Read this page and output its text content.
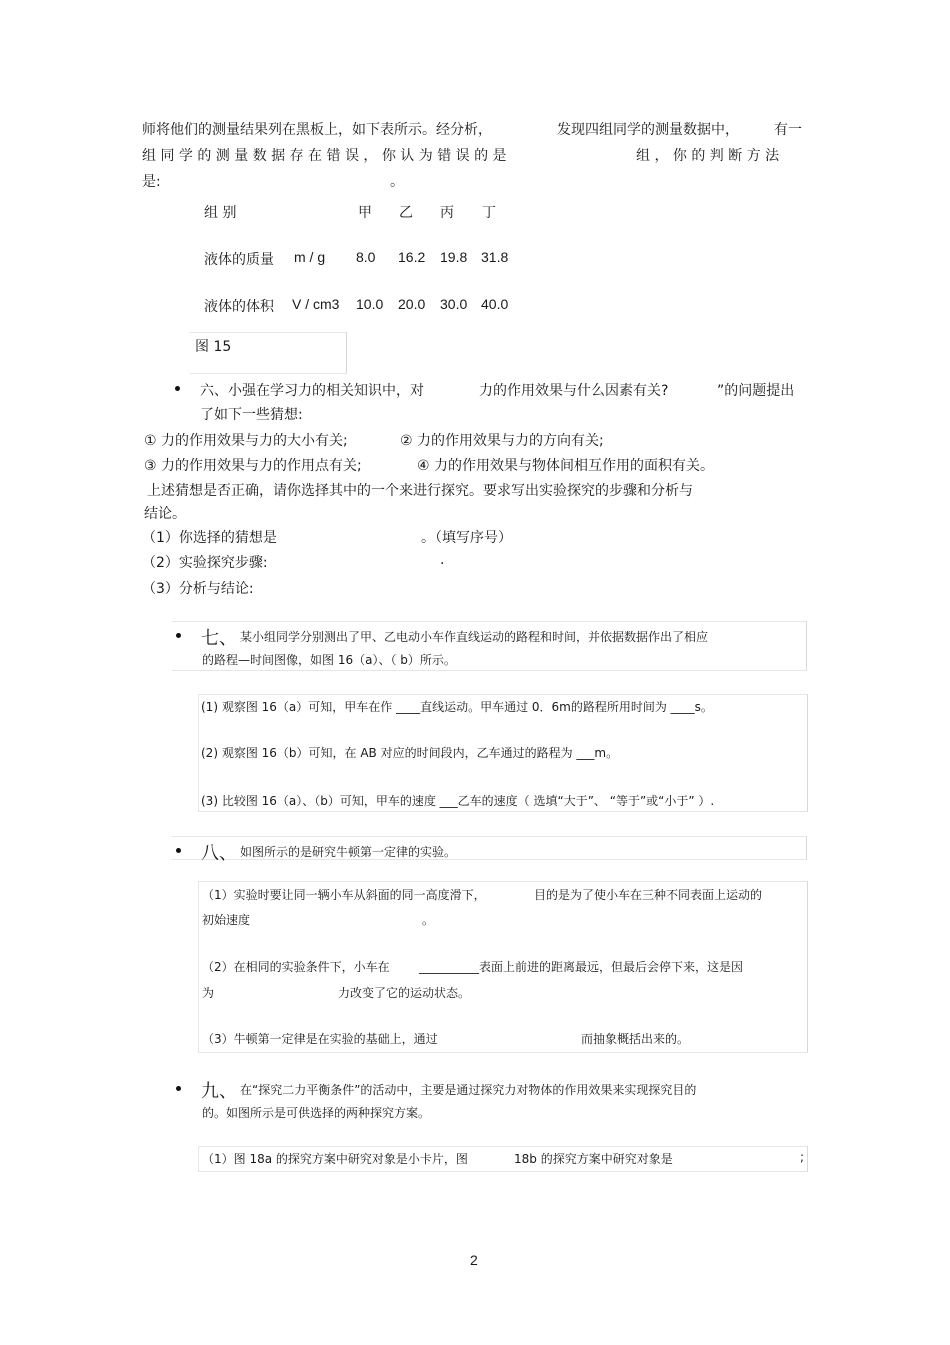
师将他们的测量结果列在黑板上，如下表所示。经分析，	发现四组同学的测量数据中，	有一
组 同 学 的 测 量 数 据 存 在 错 误 ， 你 认 为 错 误 的 是	组 ， 你 的 判 断 方 法
是:	。
组 别	甲 乙 丙 丁
液体的质量 m / g 8.0 16.2 19.8 31.8
液体的体积 V / cm3 10.0 20.0 30.0 40.0
图 15
六、小强在学习力的相关知识中，对	力的作用效果与什么因素有关?	”的问题提出
了如下一些猜想:
① 力的作用效果与力的大小有关;	② 力的作用效果与力的方向有关;
③ 力的作用效果与力的作用点有关;	④ 力的作用效果与物体间相互作用的面积有关。
上述猜想是否正确，请你选择其中的一个来进行探究。要求写出实验探究的步骤和分析与
结论。
（1）你选择的猜想是	。（填写序号）
（2）实验探究步骤:	.
（3）分析与结论:
七、 某小组同学分别测出了甲、乙电动小车作直线运动的路程和时间，并依据数据作出了相应
的路程—时间图像，如图 16（a）、（ b）所示。
(1) 观察图 16（a）可知，甲车在作 ____直线运动。甲车通过 0．6m的路程所用时间为 ____s。
(2) 观察图 16（b）可知，在 AB 对应的时间段内，乙车通过的路程为 ___m。
(3) 比较图 16（a）、（b）可知，甲车的速度 ___乙车的速度（ 选填“大于”、 “等于”或“小于” ）.
八、 如图所示的是研究牛顿第一定律的实验。
（1）实验时要让同一辆小车从斜面的同一高度滑下，	目的是为了使小车在三种不同表面上运动的
初始速度	。
（2）在相同的实验条件下，小车在 __________表面上前进的距离最远，但最后会停下来，这是因
为	力改变了它的运动状态。
（3）牛顿第一定律是在实验的基础上，通过	而抽象概括出来的。
九、 在“探究二力平衡条件”的活动中，主要是通过探究力对物体的作用效果来实现探究目的
的。如图所示是可供选择的两种探究方案。
（1）图 18a 的探究方案中研究对象是小卡片，图	18b 的探究方案中研究对象是	;
2
